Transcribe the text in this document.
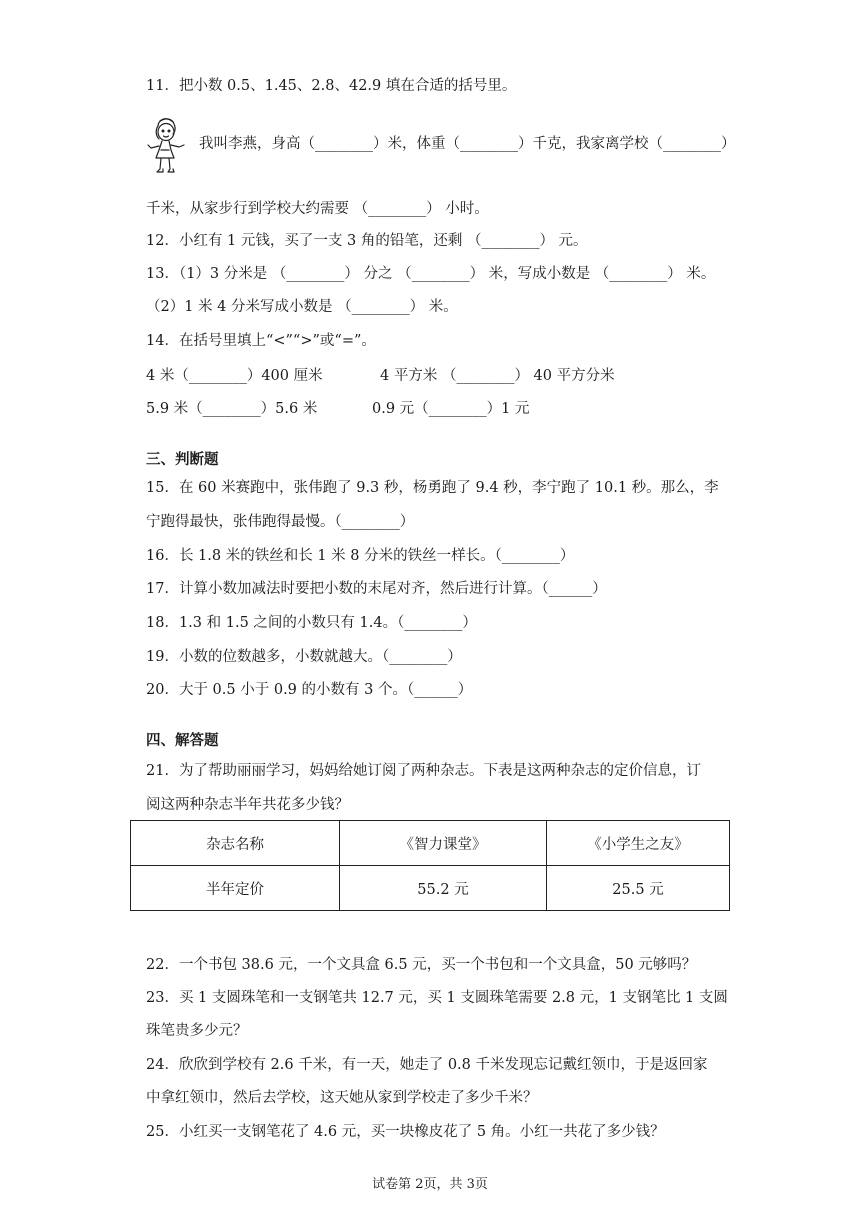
11．把小数 0.5、1.45、2.8、42.9 填在合适的括号里。
我叫李燕，身高（________）米，体重（________）千克，我家离学校（________）
千米，从家步行到学校大约需要 （________） 小时。
12．小红有 1 元钱，买了一支 3 角的铅笔，还剩 （________） 元。
13．（1）3 分米是 （________） 分之 （________） 米，写成小数是 （________） 米。
（2）1 米 4 分米写成小数是 （________） 米。
14．在括号里填上“<”“>”或“=”。
4 米（________）400 厘米	4 平方米 （________） 40 平方分米
5.9 米（________）5.6 米	0.9 元（________）1 元
三、判断题
15．在 60 米赛跑中，张伟跑了 9.3 秒，杨勇跑了 9.4 秒，李宁跑了 10.1 秒。那么，李
宁跑得最快，张伟跑得最慢。（________）
16．长 1.8 米的铁丝和长 1 米 8 分米的铁丝一样长。（________）
17．计算小数加减法时要把小数的末尾对齐，然后进行计算。（______）
18．1.3 和 1.5 之间的小数只有 1.4。（________）
19．小数的位数越多，小数就越大。（________）
20．大于 0.5 小于 0.9 的小数有 3 个。（______）
四、解答题
21．为了帮助丽丽学习，妈妈给她订阅了两种杂志。下表是这两种杂志的定价信息，订
阅这两种杂志半年共花多少钱？
杂志名称	《智力课堂》	《小学生之友》
半年定价	55.2 元	25.5 元
22．一个书包 38.6 元，一个文具盒 6.5 元，买一个书包和一个文具盒，50 元够吗？
23．买 1 支圆珠笔和一支钢笔共 12.7 元，买 1 支圆珠笔需要 2.8 元，1 支钢笔比 1 支圆
珠笔贵多少元？
24．欣欣到学校有 2.6 千米，有一天，她走了 0.8 千米发现忘记戴红领巾，于是返回家
中拿红领巾，然后去学校，这天她从家到学校走了多少千米？
25．小红买一支钢笔花了 4.6 元，买一块橡皮花了 5 角。小红一共花了多少钱？
试卷第 2页，共 3页
